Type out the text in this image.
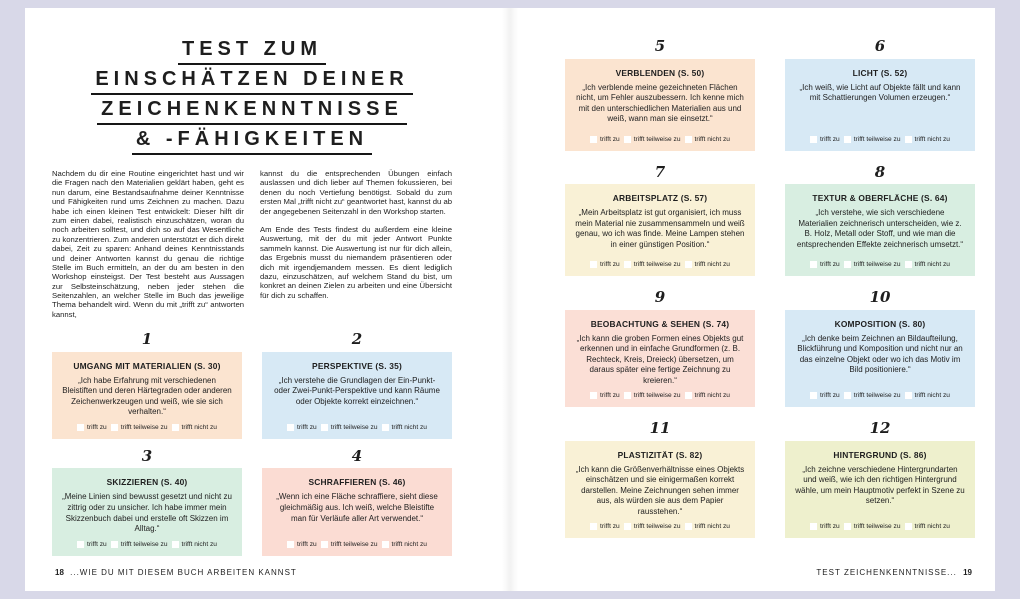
TEST ZUM
EINSCHÄTZEN DEINER
ZEICHENKENNTNISSE
& -FÄHIGKEITEN

Nachdem du dir eine Routine eingerichtet hast und wir die Fragen nach den Materialien geklärt haben, geht es nun darum, eine Bestandsaufnahme deiner Kenntnisse und Fähigkeiten rund ums Zeichnen zu machen. Dazu habe ich einen kleinen Test entwickelt: Dieser hilft dir zum einen dabei, realistisch einzuschätzen, woran du noch arbeiten solltest, und dich so auf das Wesentliche zu konzentrieren. Zum anderen unterstützt er dich direkt dabei, Zeit zu sparen: Anhand deines Kenntnisstands und deiner Antworten kannst du genau die richtige Stelle im Buch ermitteln, an der du am besten in den Workshop einsteigst. Der Test besteht aus Aussagen zur Selbsteinschätzung, neben jeder stehen die Seitenzahlen, an welcher Stelle im Buch das jeweilige Thema behandelt wird. Wenn du mit „trifft zu“ antworten kannst,

kannst du die entsprechenden Übungen einfach auslassen und dich lieber auf Themen fokussieren, bei denen du noch Vertiefung benötigst. Sobald du zum ersten Mal „trifft nicht zu“ geantwortet hast, kannst du ab der angegebenen Seitenzahl in den Workshop starten.

Am Ende des Tests findest du außerdem eine kleine Auswertung, mit der du mit jeder Antwort Punkte sammeln kannst. Die Auswertung ist nur für dich allein, das Ergebnis musst du niemandem präsentieren oder dich mit irgendjemandem messen. Es dient lediglich dazu, einzuschätzen, auf welchem Stand du bist, um konkret an deinen Zielen zu arbeiten und eine Übersicht für dich zu schaffen.

1
UMGANG MIT MATERIALIEN (S. 30)
„Ich habe Erfahrung mit verschiedenen Bleistiften und deren Härtegraden oder anderen Zeichenwerkzeugen und weiß, wie sie sich verhalten.“
trifft zu trifft teilweise zu trifft nicht zu
2
PERSPEKTIVE (S. 35)
„Ich verstehe die Grundlagen der Ein-Punkt- oder Zwei-Punkt-Perspektive und kann Räume oder Objekte korrekt einzeichnen.“
trifft zu trifft teilweise zu trifft nicht zu
3
SKIZZIEREN (S. 40)
„Meine Linien sind bewusst gesetzt und nicht zu zittrig oder zu unsicher. Ich habe immer mein Skizzenbuch dabei und erstelle oft Skizzen im Alltag.“
trifft zu trifft teilweise zu trifft nicht zu
4
SCHRAFFIEREN (S. 46)
„Wenn ich eine Fläche schraffiere, sieht diese gleichmäßig aus. Ich weiß, welche Bleistifte man für Verläufe aller Art verwendet.“
trifft zu trifft teilweise zu trifft nicht zu
18 ...WIE DU MIT DIESEM BUCH ARBEITEN KANNST
5
VERBLENDEN (S. 50)
„Ich verblende meine gezeichneten Flächen nicht, um Fehler auszubessern. Ich kenne mich mit den unterschiedlichen Materialien aus und weiß, wann man sie einsetzt.“
trifft zu trifft teilweise zu trifft nicht zu
6
LICHT (S. 52)
„Ich weiß, wie Licht auf Objekte fällt und kann mit Schattierungen Volumen erzeugen.“
trifft zu trifft teilweise zu trifft nicht zu
7
ARBEITSPLATZ (S. 57)
„Mein Arbeitsplatz ist gut organisiert, ich muss mein Material nie zusammensammeln und weiß genau, wo ich was finde. Meine Lampen stehen in einer günstigen Position.“
trifft zu trifft teilweise zu trifft nicht zu
8
TEXTUR & OBERFLÄCHE (S. 64)
„Ich verstehe, wie sich verschiedene Materialien zeichnerisch unterscheiden, wie z. B. Holz, Metall oder Stoff, und wie man die entsprechenden Effekte zeichnerisch umsetzt.“
trifft zu trifft teilweise zu trifft nicht zu
9
BEOBACHTUNG & SEHEN (S. 74)
„Ich kann die groben Formen eines Objekts gut erkennen und in einfache Grundformen (z. B. Rechteck, Kreis, Dreieck) übersetzen, um daraus später eine fertige Zeichnung zu kreieren.“
trifft zu trifft teilweise zu trifft nicht zu
10
KOMPOSITION (S. 80)
„Ich denke beim Zeichnen an Bildaufteilung, Blickführung und Komposition und nicht nur an das einzelne Objekt oder wo ich das Motiv im Bild positioniere.“
trifft zu trifft teilweise zu trifft nicht zu
11
PLASTIZITÄT (S. 82)
„Ich kann die Größenverhältnisse eines Objekts einschätzen und sie einigermaßen korrekt darstellen. Meine Zeichnungen sehen immer aus, als würden sie aus dem Papier rausstehen.“
trifft zu trifft teilweise zu trifft nicht zu
12
HINTERGRUND (S. 86)
„Ich zeichne verschiedene Hintergrundarten und weiß, wie ich den richtigen Hintergrund wähle, um mein Hauptmotiv perfekt in Szene zu setzen.“
trifft zu trifft teilweise zu trifft nicht zu
TEST ZEICHENKENNTNISSE... 19
